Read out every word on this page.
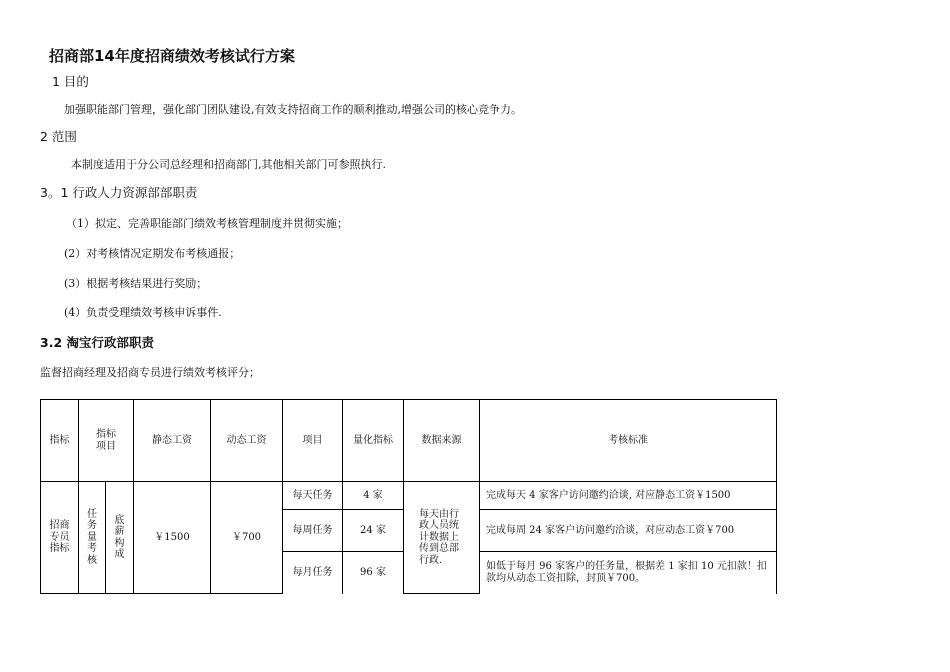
招商部14年度招商绩效考核试行方案
1 目的
加强职能部门管理，强化部门团队建设,有效支持招商工作的顺利推动,增强公司的核心竞争力。
2 范围
本制度适用于分公司总经理和招商部门,其他相关部门可参照执行.
3。1 行政人力资源部部职责
（1）拟定、完善职能部门绩效考核管理制度并贯彻实施；
(2）对考核情况定期发布考核通报；
(3）根据考核结果进行奖励；
(4）负责受理绩效考核申诉事件.
3.2 淘宝行政部职责
监督招商经理及招商专员进行绩效考核评分；
指标	指标项目		静态工资	动态工资	项目	量化指标	数据来源	考核标准
招商专员指标	任务量考核	底薪构成	￥1500	￥700	每天任务	4 家	每天由行政人员统计数据上传到总部行政.	完成每天 4 家客户访问邀约洽谈, 对应静态工资￥1500
					每周任务	24 家		完成每周 24 家客户访问邀约洽谈，对应动态工资￥700
					每月任务	96 家		如低于每月 96 家客户的任务量，根据差 1 家扣 10 元扣款！扣款均从动态工资扣除，封顶￥700。
